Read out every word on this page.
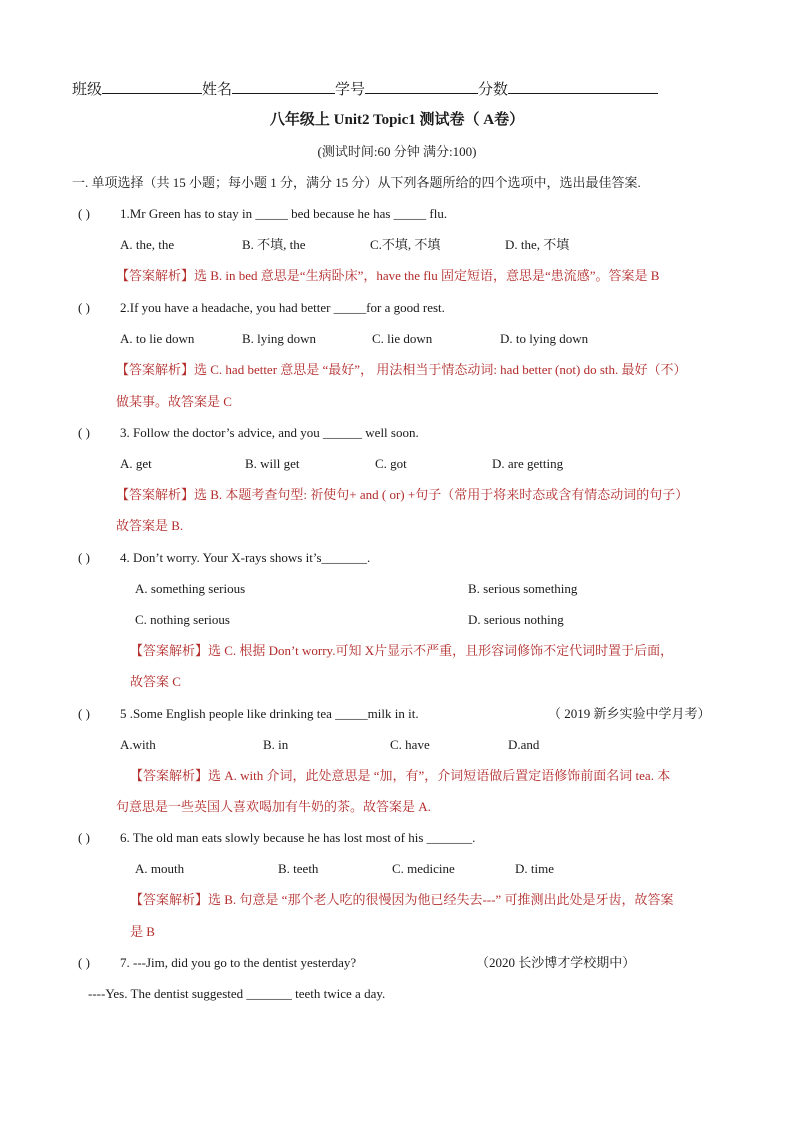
班级	姓名	学号	分数
八年级上 Unit2 Topic1 测试卷（ A卷）
(测试时间:60 分钟 满分:100)
一. 单项选择（共 15 小题；每小题 1 分，满分 15 分）从下列各题所给的四个选项中，选出最佳答案.
( ) 1.Mr Green has to stay in _____ bed because he has _____ flu.
A. the, the	B. 不填, the	C.不填, 不填	D. the, 不填
【答案解析】选 B. in bed 意思是“生病卧床”，have the flu 固定短语，意思是“患流感”。答案是 B
( ) 2.If you have a headache, you had better _____for a good rest.
A. to lie down	B. lying down	C. lie down	D. to lying down
【答案解析】选 C. had better 意思是 “最好”， 用法相当于情态动词: had better (not) do sth. 最好（不）
做某事。故答案是 C
( ) 3. Follow the doctor’s advice, and you ______ well soon.
A. get	B. will get	C. got	D. are getting
【答案解析】选 B. 本题考查句型: 祈使句+ and ( or) +句子（常用于将来时态或含有情态动词的句子）
故答案是 B.
( ) 4. Don’t worry. Your X-rays shows it’s_______.
A. something serious	B. serious something
C. nothing serious	D. serious nothing
【答案解析】选 C. 根据 Don’t worry.可知 X片显示不严重，且形容词修饰不定代词时置于后面，
故答案 C
( ) 5 .Some English people like drinking tea _____milk in it.	（ 2019 新乡实验中学月考）
A.with	B. in	C. have	D.and
【答案解析】选 A. with 介词，此处意思是 “加，有”，介词短语做后置定语修饰前面名词 tea. 本
句意思是一些英国人喜欢喝加有牛奶的茶。故答案是 A.
( ) 6. The old man eats slowly because he has lost most of his _______.
A. mouth	B. teeth	C. medicine	D. time
【答案解析】选 B. 句意是 “那个老人吃的很慢因为他已经失去---” 可推测出此处是牙齿，故答案
是 B
( ) 7. ---Jim, did you go to the dentist yesterday?	（2020 长沙博才学校期中）
----Yes. The dentist suggested _______ teeth twice a day.
